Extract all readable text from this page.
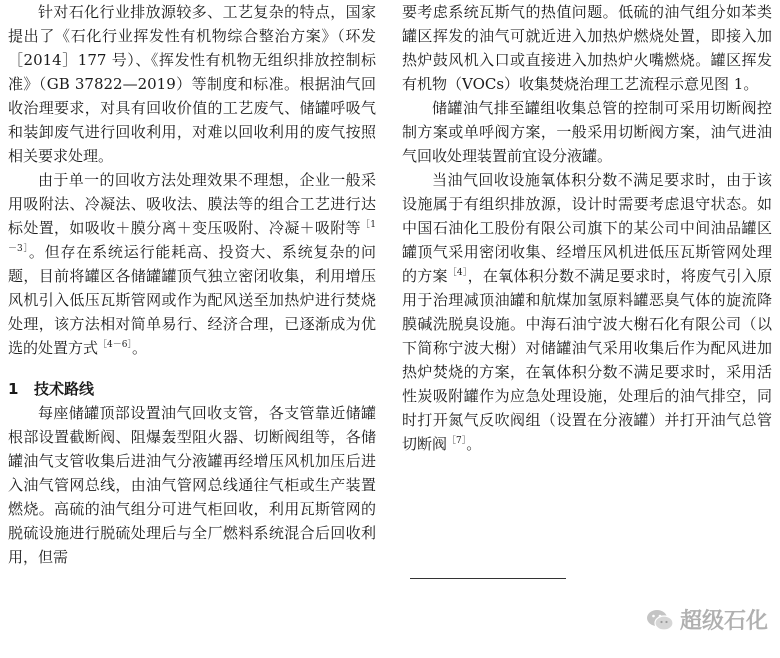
针对石化行业排放源较多、工艺复杂的特点，国家提出了《石化行业挥发性有机物综合整治方案》（环发［2014］177 号）、《挥发性有机物无组织排放控制标准》（GB 37822—2019）等制度和标准。根据油气回收治理要求，对具有回收价值的工艺废气、储罐呼吸气和装卸废气进行回收利用，对难以回收利用的废气按照相关要求处理。

由于单一的回收方法处理效果不理想，企业一般采用吸附法、冷凝法、吸收法、膜法等的组合工艺进行达标处置，如吸收＋膜分离＋变压吸附、冷凝＋吸附等$^{[1-3]}$。但存在系统运行能耗高、投资大、系统复杂的问题，目前将罐区各储罐罐顶气独立密闭收集，利用增压风机引入低压瓦斯管网或作为配风送至加热炉进行焚烧处理，该方法相对简单易行、经济合理，已逐渐成为优选的处置方式$^{[4-6]}$。

1 技术路线

每座储罐顶部设置油气回收支管，各支管靠近储罐根部设置截断阀、阻爆轰型阻火器、切断阀组等，各储罐油气支管收集后进油气分液罐再经增压风机加压后进入油气管网总线，由油气管网总线通往气柜或生产装置燃烧。高硫的油气组分可进气柜回收，利用瓦斯管网的脱硫设施进行脱硫处理后与全厂燃料系统混合后回收利用，但需

要考虑系统瓦斯气的热值问题。低硫的油气组分如苯类罐区挥发的油气可就近进入加热炉燃烧处置，即接入加热炉鼓风机入口或直接进入加热炉火嘴燃烧。罐区挥发有机物（VOCs）收集焚烧治理工艺流程示意见图 1。

储罐油气排至罐组收集总管的控制可采用切断阀控制方案或单呼阀方案，一般采用切断阀方案，油气进油气回收处理装置前宜设分液罐。

当油气回收设施氧体积分数不满足要求时，由于该设施属于有组织排放源，设计时需要考虑退守状态。如中国石油化工股份有限公司旗下的某公司中间油品罐区罐顶气采用密闭收集、经增压风机进低压瓦斯管网处理的方案$^{[4]}$，在氧体积分数不满足要求时，将废气引入原用于治理减顶油罐和航煤加氢原料罐恶臭气体的旋流降膜碱洗脱臭设施。中海石油宁波大榭石化有限公司（以下简称宁波大榭）对储罐油气采用收集后作为配风进加热炉焚烧的方案，在氧体积分数不满足要求时，采用活性炭吸附罐作为应急处理设施，处理后的油气排空，同时打开氮气反吹阀组（设置在分液罐）并打开油气总管切断阀$^{[7]}$。

超级石化
